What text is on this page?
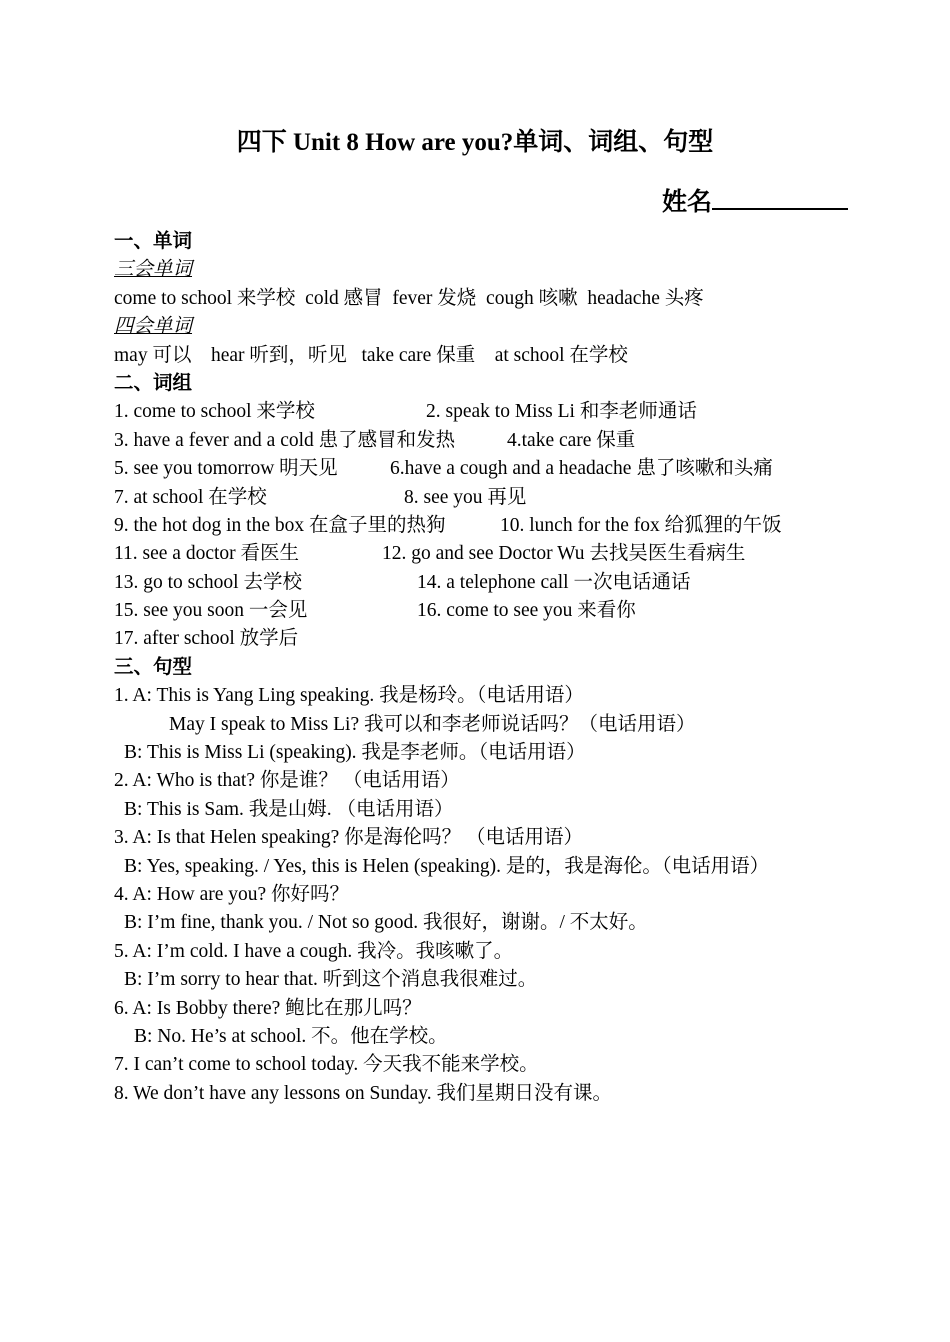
四下 Unit 8 How are you?单词、词组、句型
姓名
一、单词
三会单词
come to school 来学校  cold 感冒  fever 发烧  cough 咳嗽  headache 头疼
四会单词
may 可以    hear 听到，听见   take care 保重    at school 在学校
二、词组
1. come to school 来学校	2. speak to Miss Li 和李老师通话
3. have a fever and a cold 患了感冒和发热	4.take care 保重
5. see you tomorrow 明天见	6.have a cough and a headache 患了咳嗽和头痛
7. at school 在学校	8. see you 再见
9. the hot dog in the box 在盒子里的热狗	10. lunch for the fox 给狐狸的午饭
11. see a doctor 看医生	12. go and see Doctor Wu 去找吴医生看病生
13. go to school 去学校	14. a telephone call 一次电话通话
15. see you soon 一会见	16. come to see you 来看你
17. after school 放学后
三、句型
1. A: This is Yang Ling speaking. 我是杨玲。（电话用语）
May I speak to Miss Li? 我可以和李老师说话吗？（电话用语）
B: This is Miss Li (speaking). 我是李老师。（电话用语）
2. A: Who is that? 你是谁？ （电话用语）
B: This is Sam. 我是山姆. （电话用语）
3. A: Is that Helen speaking? 你是海伦吗？ （电话用语）
B: Yes, speaking. / Yes, this is Helen (speaking). 是的，我是海伦。（电话用语）
4. A: How are you? 你好吗？
B: I’m fine, thank you. / Not so good. 我很好，谢谢。/ 不太好。
5. A: I’m cold. I have a cough. 我冷。我咳嗽了。
B: I’m sorry to hear that. 听到这个消息我很难过。
6. A: Is Bobby there? 鲍比在那儿吗？
B: No. He’s at school. 不。他在学校。
7. I can’t come to school today. 今天我不能来学校。
8. We don’t have any lessons on Sunday. 我们星期日没有课。
